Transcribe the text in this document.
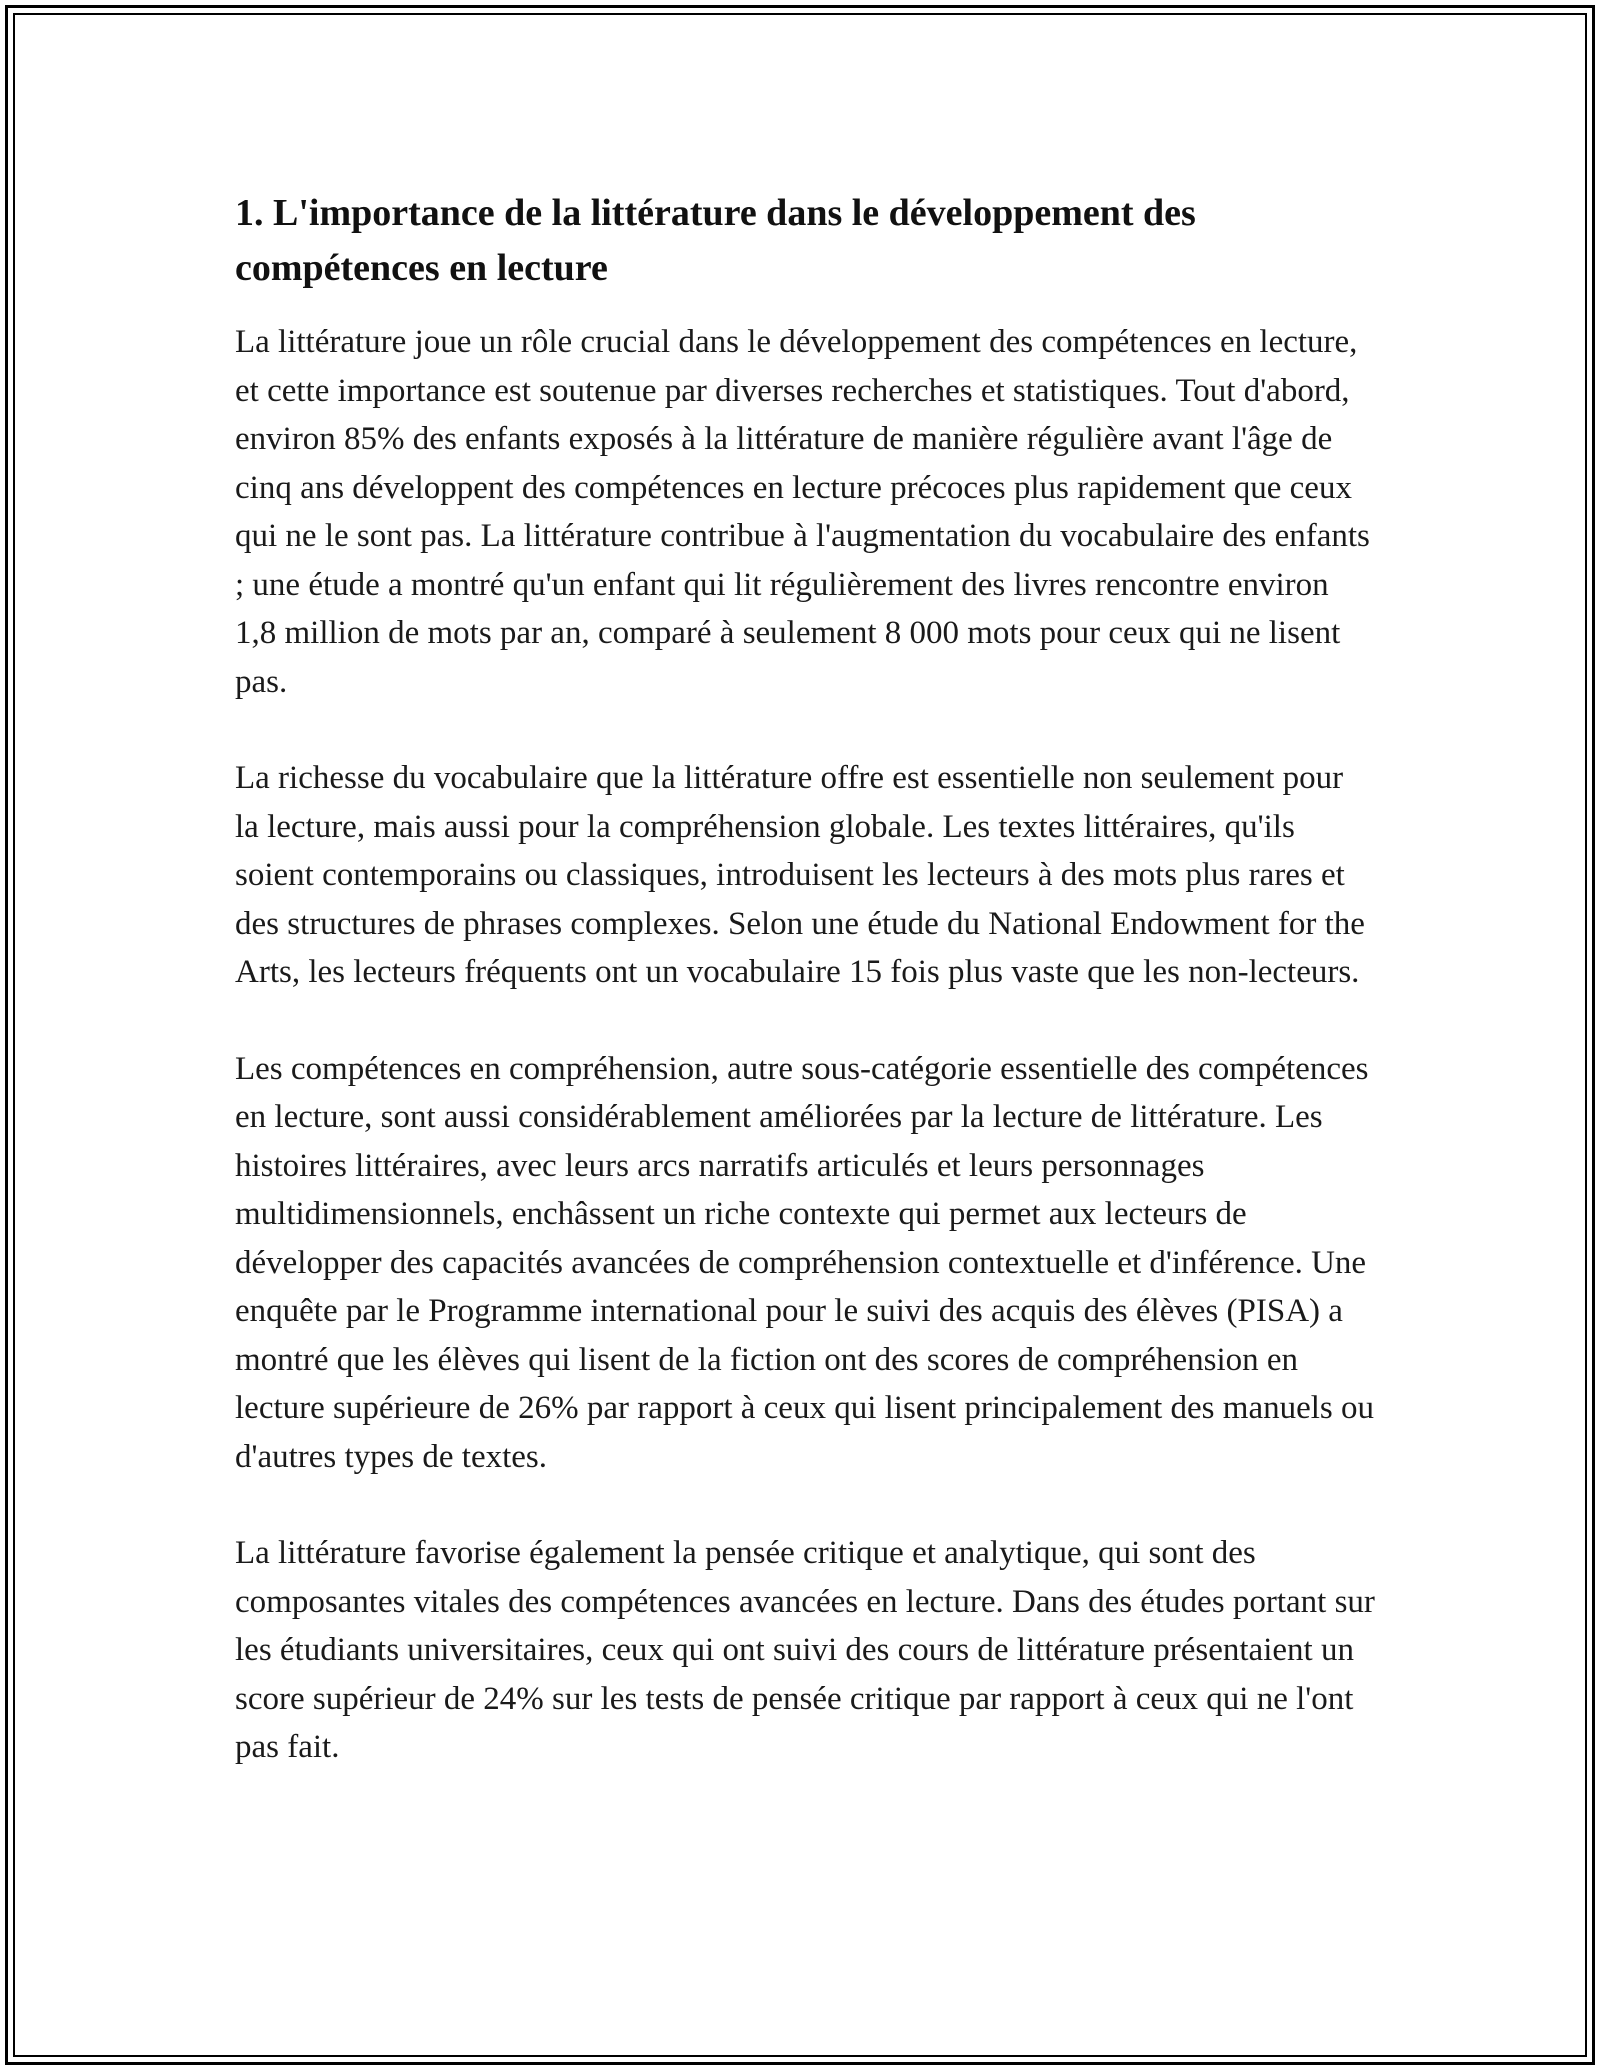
1. L'importance de la littérature dans le développement des compétences en lecture

La littérature joue un rôle crucial dans le développement des compétences en lecture, et cette importance est soutenue par diverses recherches et statistiques. Tout d'abord, environ 85% des enfants exposés à la littérature de manière régulière avant l'âge de cinq ans développent des compétences en lecture précoces plus rapidement que ceux qui ne le sont pas. La littérature contribue à l'augmentation du vocabulaire des enfants ; une étude a montré qu'un enfant qui lit régulièrement des livres rencontre environ 1,8 million de mots par an, comparé à seulement 8 000 mots pour ceux qui ne lisent pas.

La richesse du vocabulaire que la littérature offre est essentielle non seulement pour la lecture, mais aussi pour la compréhension globale. Les textes littéraires, qu'ils soient contemporains ou classiques, introduisent les lecteurs à des mots plus rares et des structures de phrases complexes. Selon une étude du National Endowment for the Arts, les lecteurs fréquents ont un vocabulaire 15 fois plus vaste que les non-lecteurs.

Les compétences en compréhension, autre sous-catégorie essentielle des compétences en lecture, sont aussi considérablement améliorées par la lecture de littérature. Les histoires littéraires, avec leurs arcs narratifs articulés et leurs personnages multidimensionnels, enchâssent un riche contexte qui permet aux lecteurs de développer des capacités avancées de compréhension contextuelle et d'inférence. Une enquête par le Programme international pour le suivi des acquis des élèves (PISA) a montré que les élèves qui lisent de la fiction ont des scores de compréhension en lecture supérieure de 26% par rapport à ceux qui lisent principalement des manuels ou d'autres types de textes.

La littérature favorise également la pensée critique et analytique, qui sont des composantes vitales des compétences avancées en lecture. Dans des études portant sur les étudiants universitaires, ceux qui ont suivi des cours de littérature présentaient un score supérieur de 24% sur les tests de pensée critique par rapport à ceux qui ne l'ont pas fait.
